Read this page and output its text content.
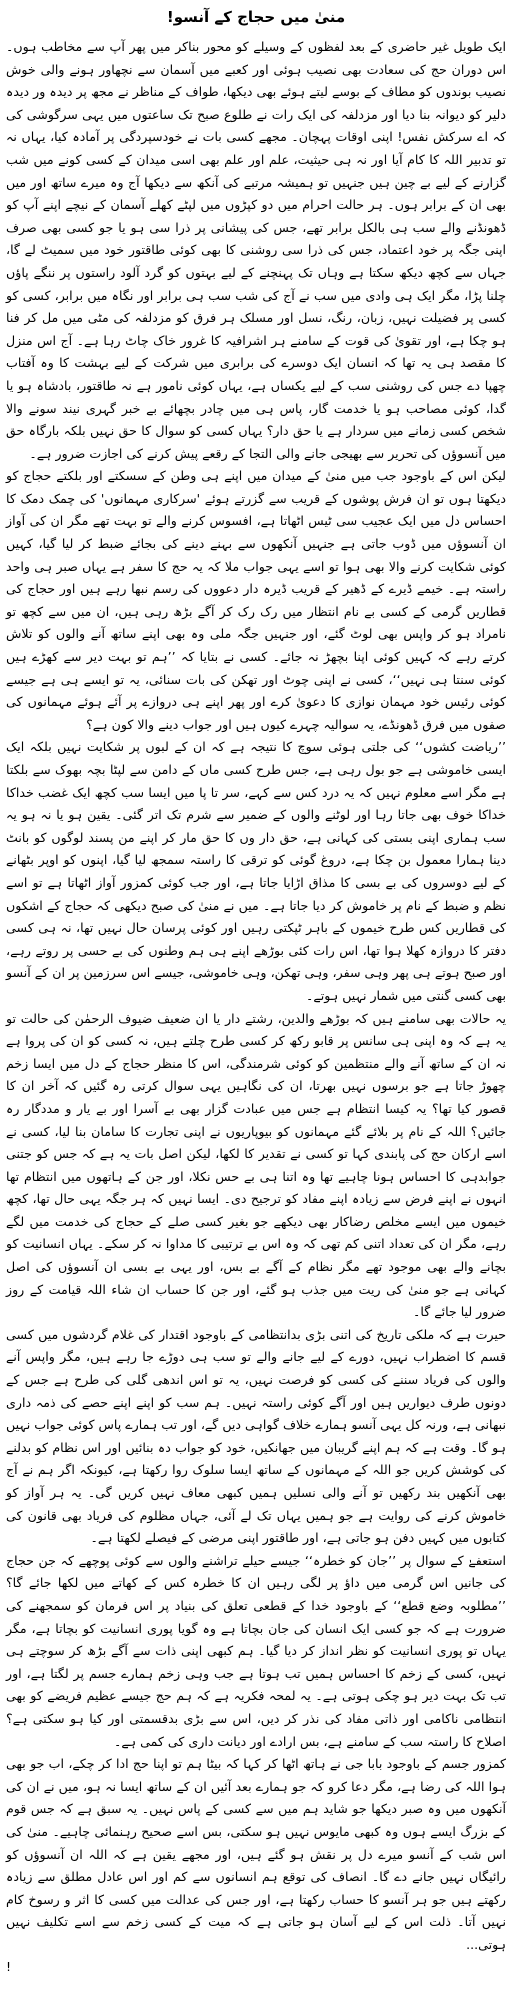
منیٰ میں حجاج کے آنسو!

ایک طویل غیر حاضری کے بعد لفظوں کے وسیلے کو محور بناکر میں پھر آپ سے مخاطب ہوں۔ اس دوران حج کی سعادت بھی نصیب ہوئی اور کعبے میں آسمان سے نچھاور ہونے والی خوش نصیب بوندوں کو مطاف کے بوسے لیتے ہوئے بھی دیکھا، طواف کے مناظر نے مجھ پر دیدہ ور دیدہ دلیر کو دیوانہ بنا دیا اور مزدلفہ کی ایک رات نے طلوع صبح تک ساعتوں میں یہی سرگوشی کی کہ اے سرکش نفس! اپنی اوقات پہچان۔ مجھے کسی بات نے خودسپردگی پر آمادہ کیا، یہاں نہ تو تدبیر اللہ کا کام آیا اور نہ ہی حیثیت، علم اور علم بھی اسی میدان کے کسی کونے میں شب گزارنے کے لیے بے چین ہیں جنہیں تو ہمیشہ مرتبے کی آنکھ سے دیکھا آج وہ میرے ساتھ اور میں بھی ان کے برابر ہوں۔ ہر حالت احرام میں دو کپڑوں میں لپٹے کھلے آسمان کے نیچے اپنے آپ کو ڈھونڈنے والے سب ہی بالکل برابر تھے، جس کی پیشانی پر ذرا سی ہو یا جو کسی بھی صرف اپنی جگہ پر خود اعتماد، جس کی ذرا سی روشنی کا بھی کوئی طاقتور خود میں سمیٹ لے گا، جہاں سے کچھ دیکھ سکتا ہے وہاں تک پہنچنے کے لیے بہتوں کو گرد آلود راستوں پر ننگے پاؤں چلنا پڑا، مگر ایک ہی وادی میں سب نے آج کی شب سب ہی برابر اور نگاہ میں برابر، کسی کو کسی پر فضیلت نہیں، زبان، رنگ، نسل اور مسلک ہر فرق کو مزدلفہ کی مٹی میں مل کر فنا ہو چکا ہے، اور تقویٰ کی قوت کے سامنے ہر اشرافیہ کا غرور خاک چاٹ رہا ہے۔ آج اس منزل کا مقصد ہی یہ تھا کہ انسان ایک دوسرے کی برابری میں شرکت کے لیے بہشت کا وہ آفتاب چھپا دے جس کی روشنی سب کے لیے یکساں ہے، یہاں کوئی نامور ہے نہ طاقتور، بادشاہ ہو یا گدا، کوئی مصاحب ہو یا خدمت گار، پاس ہی میں چادر بچھائے بے خبر گہری نیند سونے والا شخص کسی زمانے میں سردار ہے یا حق دار؟ یہاں کسی کو سوال کا حق نہیں بلکہ بارگاہ حق میں آنسوؤں کی تحریر سے بھیجی جانے والی التجا کے رقعے پیش کرنے کی اجازت ضرور ہے۔

لیکن اس کے باوجود جب میں منیٰ کے میدان میں اپنے ہی وطن کے سسکتے اور بلکتے حجاج کو دیکھتا ہوں تو ان فرش پوشوں کے قریب سے گزرتے ہوئے 'سرکاری مہمانوں' کی چمک دمک کا احساس دل میں ایک عجیب سی ٹیس اٹھاتا ہے، افسوس کرنے والے تو بہت تھے مگر ان کی آواز ان آنسوؤں میں ڈوب جاتی ہے جنہیں آنکھوں سے بہنے دینے کی بجائے ضبط کر لیا گیا، کہیں کوئی شکایت کرنے والا بھی ہوا تو اسے یہی جواب ملا کہ یہ حج کا سفر ہے یہاں صبر ہی واحد راستہ ہے۔ خیمے ڈیرے کے ڈھیر کے قریب ڈیرہ دار دعووں کی رسم نبھا رہے ہیں اور حجاج کی قطاریں گرمی کے کسی بے نام انتظار میں رک رک کر آگے بڑھ رہی ہیں، ان میں سے کچھ تو نامراد ہو کر واپس بھی لوٹ گئے، اور جنہیں جگہ ملی وہ بھی اپنے ساتھ آنے والوں کو تلاش کرتے رہے کہ کہیں کوئی اپنا بچھڑ نہ جائے۔ کسی نے بتایا کہ ’’ہم تو بہت دیر سے کھڑے ہیں کوئی سنتا ہی نہیں‘‘، کسی نے اپنی چوٹ اور تھکن کی بات سنائی، یہ تو ایسے ہی ہے جیسے کوئی رئیس خود مہمان نوازی کا دعویٰ کرے اور پھر اپنے ہی دروازے پر آئے ہوئے مہمانوں کی صفوں میں فرق ڈھونڈے، یہ سوالیہ چہرے کیوں ہیں اور جواب دینے والا کون ہے؟

’’ریاضت کشوں‘‘ کی جلتی ہوئی سوچ کا نتیجہ ہے کہ ان کے لبوں پر شکایت نہیں بلکہ ایک ایسی خاموشی ہے جو بول رہی ہے، جس طرح کسی ماں کے دامن سے لپٹا بچہ بھوک سے بلکتا ہے مگر اسے معلوم نہیں کہ یہ درد کس سے کہے، سر تا پا میں ایسا سب کچھ ایک غضب خداکا خداکا خوف بھی جاتا رہا اور لوٹنے والوں کے ضمیر سے شرم تک اتر گئی۔ یقین ہو یا نہ ہو یہ سب ہماری اپنی بستی کی کہانی ہے، حق دار وں کا حق مار کر اپنے من پسند لوگوں کو بانٹ دینا ہمارا معمول بن چکا ہے، دروغ گوئی کو ترقی کا راستہ سمجھ لیا گیا، اپنوں کو اوپر بٹھانے کے لیے دوسروں کی بے بسی کا مذاق اڑایا جاتا ہے، اور جب کوئی کمزور آواز اٹھاتا ہے تو اسے نظم و ضبط کے نام پر خاموش کر دیا جاتا ہے۔ میں نے منیٰ کی صبح دیکھی کہ حجاج کے اشکوں کی قطاریں کس طرح خیموں کے باہر ٹپکتی رہیں اور کوئی پرسان حال نہیں تھا، نہ ہی کسی دفتر کا دروازہ کھلا ہوا تھا، اس رات کئی بوڑھے اپنے ہی ہم وطنوں کی بے حسی پر روتے رہے، اور صبح ہوتے ہی پھر وہی سفر، وہی تھکن، وہی خاموشی، جیسے اس سرزمین پر ان کے آنسو بھی کسی گنتی میں شمار نہیں ہوتے۔

یہ حالات بھی سامنے ہیں کہ بوڑھے والدین، رشتے دار یا ان ضعیف ضیوف الرحمٰن کی حالت تو یہ ہے کہ وہ اپنی ہی سانس پر قابو رکھ کر کسی طرح چلتے ہیں، نہ کسی کو ان کی پروا ہے نہ ان کے ساتھ آنے والے منتظمین کو کوئی شرمندگی، اس کا منظر حجاج کے دل میں ایسا زخم چھوڑ جاتا ہے جو برسوں نہیں بھرتا، ان کی نگاہیں یہی سوال کرتی رہ گئیں کہ آخر ان کا قصور کیا تھا؟ یہ کیسا انتظام ہے جس میں عبادت گزار بھی بے آسرا اور بے یار و مددگار رہ جائیں؟ اللہ کے نام پر بلائے گئے مہمانوں کو بیوپاریوں نے اپنی تجارت کا سامان بنا لیا، کسی نے اسے ارکان حج کی پابندی کہا تو کسی نے تقدیر کا لکھا، لیکن اصل بات یہ ہے کہ جس کو جتنی جوابدہی کا احساس ہونا چاہیے تھا وہ اتنا ہی بے حس نکلا، اور جن کے ہاتھوں میں انتظام تھا انہوں نے اپنے فرض سے زیادہ اپنے مفاد کو ترجیح دی۔ ایسا نہیں کہ ہر جگہ یہی حال تھا، کچھ خیموں میں ایسے مخلص رضاکار بھی دیکھے جو بغیر کسی صلے کے حجاج کی خدمت میں لگے رہے، مگر ان کی تعداد اتنی کم تھی کہ وہ اس بے ترتیبی کا مداوا نہ کر سکے۔ یہاں انسانیت کو بچانے والے بھی موجود تھے مگر نظام کے آگے بے بس، اور یہی بے بسی ان آنسوؤں کی اصل کہانی ہے جو منیٰ کی ریت میں جذب ہو گئے، اور جن کا حساب ان شاء اللہ قیامت کے روز ضرور لیا جائے گا۔

حیرت ہے کہ ملکی تاریخ کی اتنی بڑی بدانتظامی کے باوجود اقتدار کی غلام گردشوں میں کسی قسم کا اضطراب نہیں، دورے کے لیے جانے والے تو سب ہی دوڑے جا رہے ہیں، مگر واپس آنے والوں کی فریاد سننے کی کسی کو فرصت نہیں، یہ تو اس اندھی گلی کی طرح ہے جس کے دونوں طرف دیواریں ہیں اور آگے کوئی راستہ نہیں۔ ہم سب کو اپنے اپنے حصے کی ذمہ داری نبھانی ہے، ورنہ کل یہی آنسو ہمارے خلاف گواہی دیں گے، اور تب ہمارے پاس کوئی جواب نہیں ہو گا۔ وقت ہے کہ ہم اپنے گریبان میں جھانکیں، خود کو جواب دہ بنائیں اور اس نظام کو بدلنے کی کوشش کریں جو اللہ کے مہمانوں کے ساتھ ایسا سلوک روا رکھتا ہے، کیونکہ اگر ہم نے آج بھی آنکھیں بند رکھیں تو آنے والی نسلیں ہمیں کبھی معاف نہیں کریں گی۔ یہ ہر آواز کو خاموش کرنے کی روایت ہے جو ہمیں یہاں تک لے آئی، جہاں مظلوم کی فریاد بھی قانون کی کتابوں میں کہیں دفن ہو جاتی ہے، اور طاقتور اپنی مرضی کے فیصلے لکھتا ہے۔

استعفےٰ کے سوال پر ’’جان کو خطرہ‘‘ جیسے حیلے تراشنے والوں سے کوئی پوچھے کہ جن حجاج کی جانیں اس گرمی میں داؤ پر لگی رہیں ان کا خطرہ کس کے کھاتے میں لکھا جائے گا؟ ’’مطلوبہ وضع قطع‘‘ کے باوجود خدا کے قطعی تعلق کی بنیاد پر اس فرمان کو سمجھنے کی ضرورت ہے کہ جو کسی ایک انسان کی جان بچاتا ہے وہ گویا پوری انسانیت کو بچاتا ہے، مگر یہاں تو پوری انسانیت کو نظر انداز کر دیا گیا۔ ہم کبھی اپنی ذات سے آگے بڑھ کر سوچتے ہی نہیں، کسی کے زخم کا احساس ہمیں تب ہوتا ہے جب وہی زخم ہمارے جسم پر لگتا ہے، اور تب تک بہت دیر ہو چکی ہوتی ہے۔ یہ لمحہ فکریہ ہے کہ ہم حج جیسے عظیم فریضے کو بھی انتظامی ناکامی اور ذاتی مفاد کی نذر کر دیں، اس سے بڑی بدقسمتی اور کیا ہو سکتی ہے؟ اصلاح کا راستہ سب کے سامنے ہے، بس ارادے اور دیانت داری کی کمی ہے۔

کمزور جسم کے باوجود بابا جی نے ہاتھ اٹھا کر کہا کہ بیٹا ہم تو اپنا حج ادا کر چکے، اب جو بھی ہوا اللہ کی رضا ہے، مگر دعا کرو کہ جو ہمارے بعد آئیں ان کے ساتھ ایسا نہ ہو، میں نے ان کی آنکھوں میں وہ صبر دیکھا جو شاید ہم میں سے کسی کے پاس نہیں۔ یہ سبق ہے کہ جس قوم کے بزرگ ایسے ہوں وہ کبھی مایوس نہیں ہو سکتی، بس اسے صحیح رہنمائی چاہیے۔ منیٰ کی اس شب کے آنسو میرے دل پر نقش ہو گئے ہیں، اور مجھے یقین ہے کہ اللہ ان آنسوؤں کو رائیگاں نہیں جانے دے گا۔ انصاف کی توقع ہم انسانوں سے کم اور اس عادل مطلق سے زیادہ رکھتے ہیں جو ہر آنسو کا حساب رکھتا ہے، اور جس کی عدالت میں کسی کا اثر و رسوخ کام نہیں آتا۔ ذلت اس کے لیے آسان ہو جاتی ہے کہ میت کے کسی زخم سے اسے تکلیف نہیں ہوتی...

!
